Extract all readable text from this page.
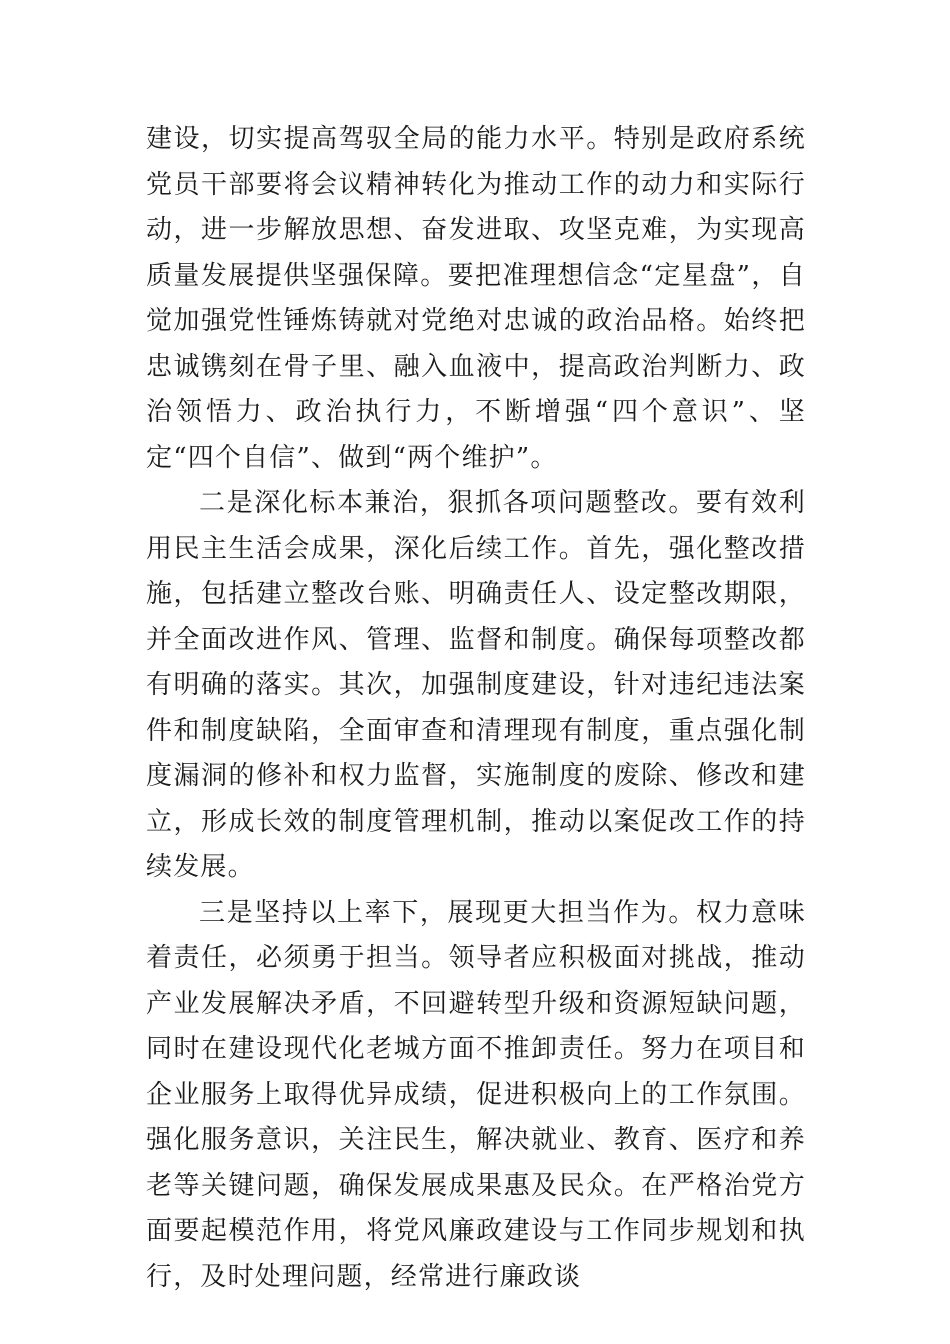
建设，切实提高驾驭全局的能力水平。特别是政府系统党员干部要将会议精神转化为推动工作的动力和实际行动，进一步解放思想、奋发进取、攻坚克难，为实现高质量发展提供坚强保障。要把准理想信念“定星盘”，自觉加强党性锤炼铸就对党绝对忠诚的政治品格。始终把忠诚镌刻在骨子里、融入血液中，提高政治判断力、政治领悟力、政治执行力，不断增强“四个意识”、坚定“四个自信”、做到“两个维护”。

二是深化标本兼治，狠抓各项问题整改。要有效利用民主生活会成果，深化后续工作。首先，强化整改措施，包括建立整改台账、明确责任人、设定整改期限，并全面改进作风、管理、监督和制度。确保每项整改都有明确的落实。其次，加强制度建设，针对违纪违法案件和制度缺陷，全面审查和清理现有制度，重点强化制度漏洞的修补和权力监督，实施制度的废除、修改和建立，形成长效的制度管理机制，推动以案促改工作的持续发展。

三是坚持以上率下，展现更大担当作为。权力意味着责任，必须勇于担当。领导者应积极面对挑战，推动产业发展解决矛盾，不回避转型升级和资源短缺问题，同时在建设现代化老城方面不推卸责任。努力在项目和企业服务上取得优异成绩，促进积极向上的工作氛围。强化服务意识，关注民生，解决就业、教育、医疗和养老等关键问题，确保发展成果惠及民众。在严格治党方面要起模范作用，将党风廉政建设与工作同步规划和执行，及时处理问题，经常进行廉政谈
